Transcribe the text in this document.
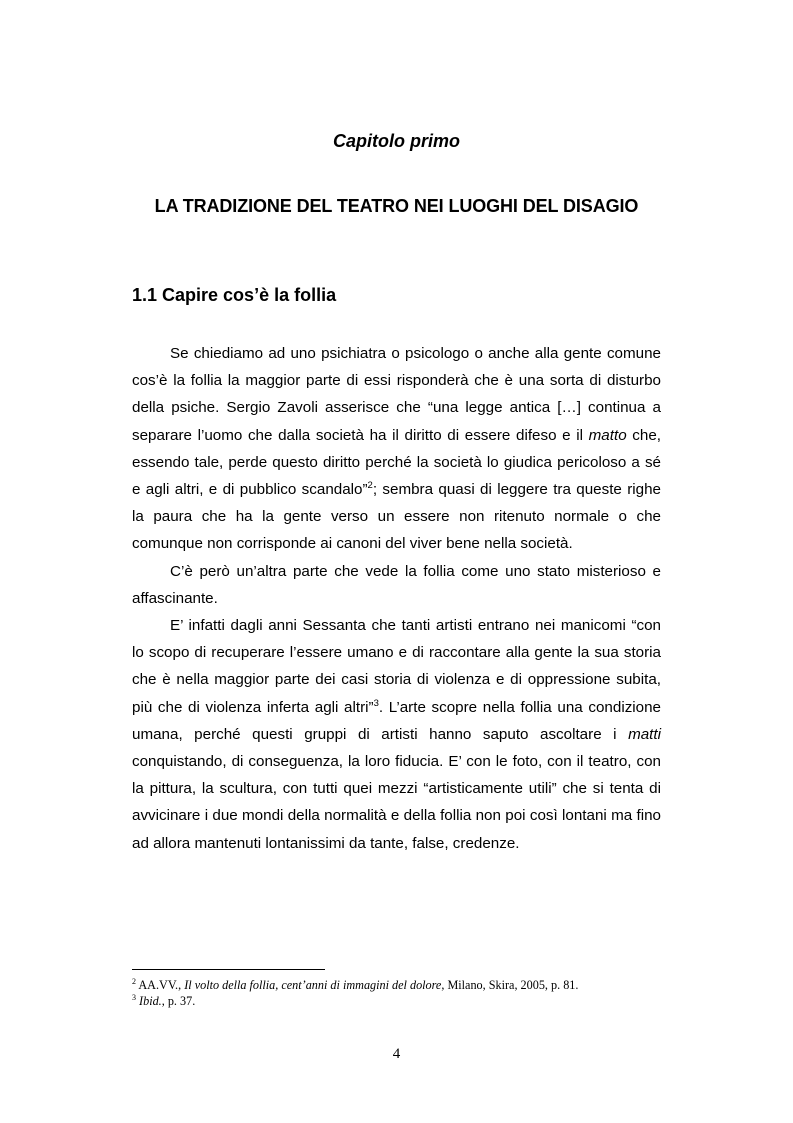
Capitolo primo
LA TRADIZIONE DEL TEATRO NEI LUOGHI DEL DISAGIO
1.1 Capire cos’è la follia

Se chiediamo ad uno psichiatra o psicologo o anche alla gente comune cos’è la follia la maggior parte di essi risponderà che è una sorta di disturbo della psiche. Sergio Zavoli asserisce che “una legge antica […] continua a separare l’uomo che dalla società ha il diritto di essere difeso e il matto che, essendo tale, perde questo diritto perché la società lo giudica pericoloso a sé e agli altri, e di pubblico scandalo”$^2$; sembra quasi di leggere tra queste righe la paura che ha la gente verso un essere non ritenuto normale o che comunque non corrisponde ai canoni del viver bene nella società.

C’è però un’altra parte che vede la follia come uno stato misterioso e affascinante.

E’ infatti dagli anni Sessanta che tanti artisti entrano nei manicomi “con lo scopo di recuperare l’essere umano e di raccontare alla gente la sua storia che è nella maggior parte dei casi storia di violenza e di oppressione subita, più che di violenza inferta agli altri”$^3$. L’arte scopre nella follia una condizione umana, perché questi gruppi di artisti hanno saputo ascoltare i matti conquistando, di conseguenza, la loro fiducia. E’ con le foto, con il teatro, con la pittura, la scultura, con tutti quei mezzi “artisticamente utili” che si tenta di avvicinare i due mondi della normalità e della follia non poi così lontani ma fino ad allora mantenuti lontanissimi da tante, false, credenze.

$^2$ AA.VV., Il volto della follia, cent’anni di immagini del dolore, Milano, Skira, 2005, p. 81.
$^3$ Ibid., p. 37.
4
